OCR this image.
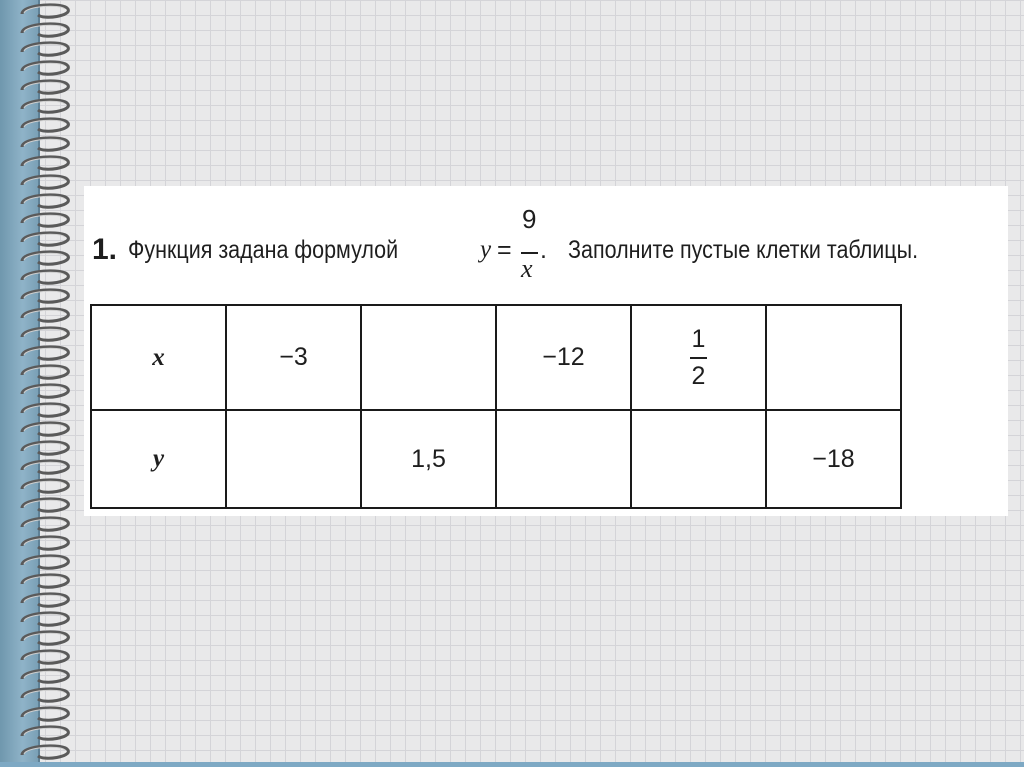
1. Функция задана формулой	y =
9
x
. Заполните пустые клетки таблицы.
x	−3		−12	$\frac{1}{2}$

y		1,5			−18
